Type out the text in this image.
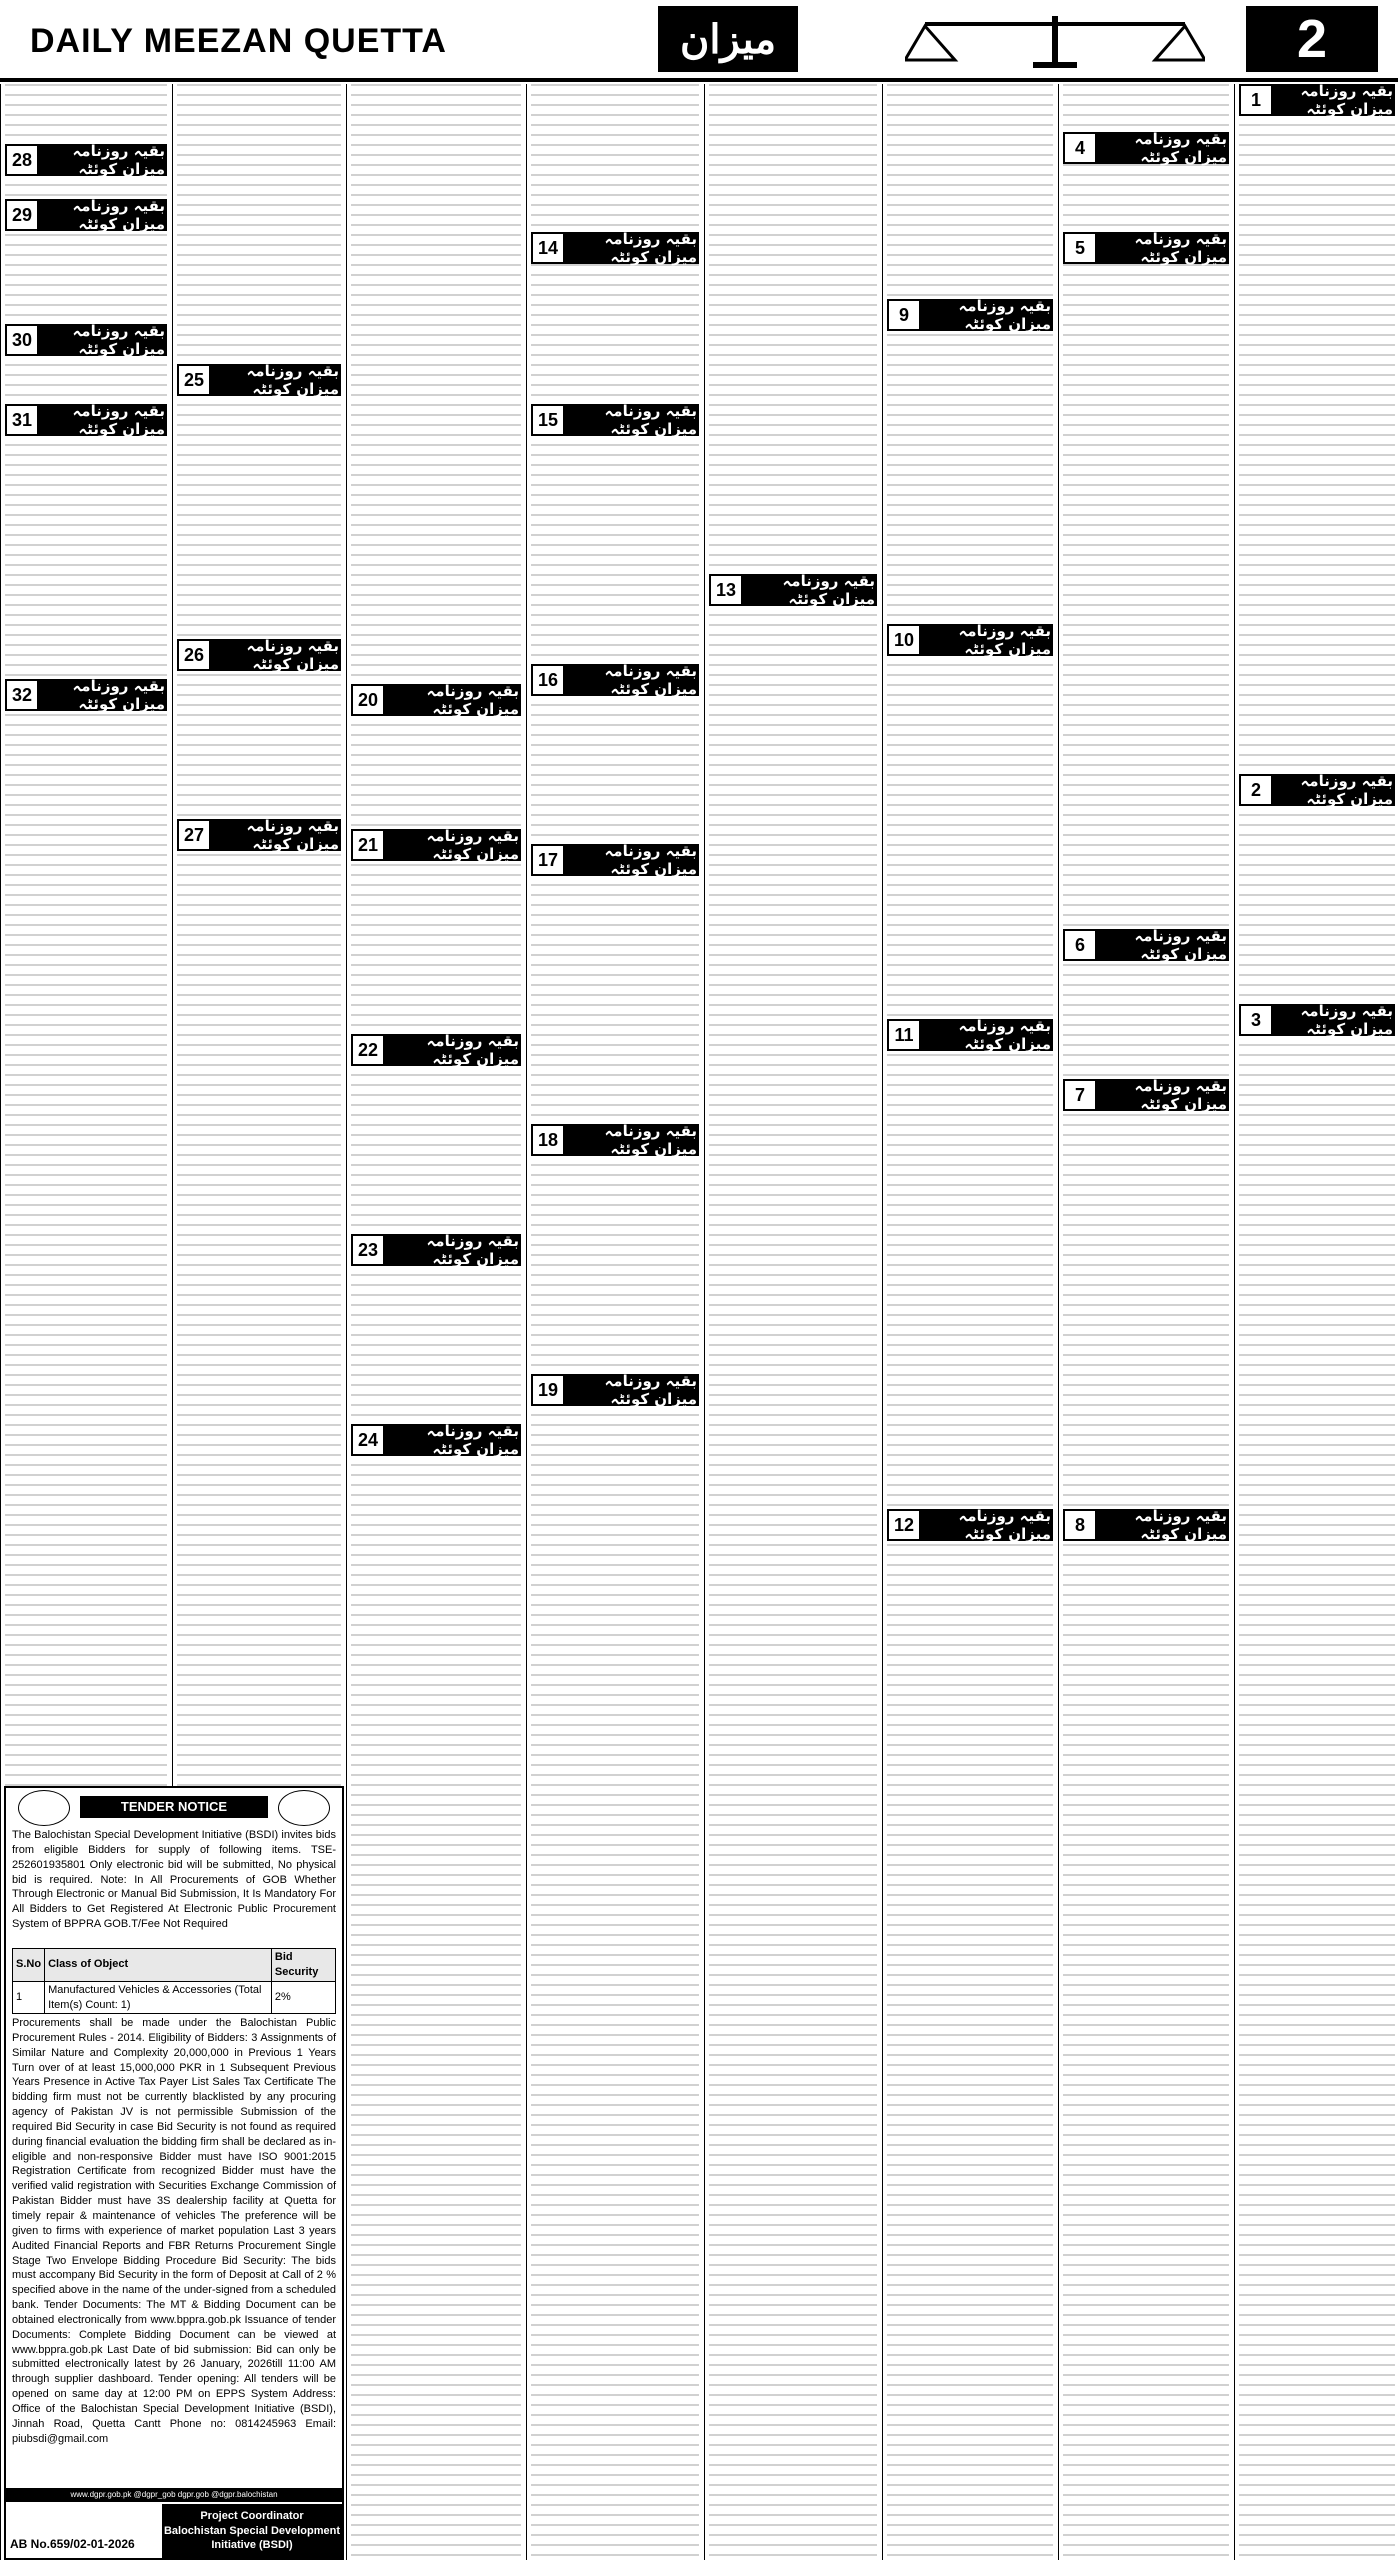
DAILY MEEZAN QUETTA	میزان	2
28	بقیہ روزنامہ میزان کوئٹہ
29	بقیہ روزنامہ میزان کوئٹہ
30	بقیہ روزنامہ میزان کوئٹہ
31	بقیہ روزنامہ میزان کوئٹہ
32	بقیہ روزنامہ میزان کوئٹہ
25	بقیہ روزنامہ میزان کوئٹہ
26	بقیہ روزنامہ میزان کوئٹہ
27	بقیہ روزنامہ میزان کوئٹہ
20	بقیہ روزنامہ میزان کوئٹہ
21	بقیہ روزنامہ میزان کوئٹہ
22	بقیہ روزنامہ میزان کوئٹہ
23	بقیہ روزنامہ میزان کوئٹہ
24	بقیہ روزنامہ میزان کوئٹہ
14	بقیہ روزنامہ میزان کوئٹہ
15	بقیہ روزنامہ میزان کوئٹہ
16	بقیہ روزنامہ میزان کوئٹہ
17	بقیہ روزنامہ میزان کوئٹہ
18	بقیہ روزنامہ میزان کوئٹہ
19	بقیہ روزنامہ میزان کوئٹہ
13	بقیہ روزنامہ میزان کوئٹہ
9	بقیہ روزنامہ میزان کوئٹہ
10	بقیہ روزنامہ میزان کوئٹہ
11	بقیہ روزنامہ میزان کوئٹہ
12	بقیہ روزنامہ میزان کوئٹہ
4	بقیہ روزنامہ میزان کوئٹہ
5	بقیہ روزنامہ میزان کوئٹہ
6	بقیہ روزنامہ میزان کوئٹہ
7	بقیہ روزنامہ میزان کوئٹہ
8	بقیہ روزنامہ میزان کوئٹہ
1	بقیہ روزنامہ میزان کوئٹہ
2	بقیہ روزنامہ میزان کوئٹہ
3	بقیہ روزنامہ میزان کوئٹہ
TENDER NOTICE
The Balochistan Special Development Initiative (BSDI) invites bids from eligible Bidders for supply of following items. TSE-252601935801 Only electronic bid will be submitted, No physical bid is required. Note: In All Procurements of GOB Whether Through Electronic or Manual Bid Submission, It Is Mandatory For All Bidders to Get Registered At Electronic Public Procurement System of BPPRA GOB.T/Fee Not Required
S.No	Class of Object	Bid Security
1	Manufactured Vehicles & Accessories (Total Item(s) Count: 1)	2%
Procurements shall be made under the Balochistan Public Procurement Rules - 2014. Eligibility of Bidders: 3 Assignments of Similar Nature and Complexity 20,000,000 in Previous 1 Years Turn over of at least 15,000,000 PKR in 1 Subsequent Previous Years Presence in Active Tax Payer List Sales Tax Certificate The bidding firm must not be currently blacklisted by any procuring agency of Pakistan JV is not permissible Submission of the required Bid Security in case Bid Security is not found as required during financial evaluation the bidding firm shall be declared as in-eligible and non-responsive Bidder must have ISO 9001:2015 Registration Certificate from recognized Bidder must have the verified valid registration with Securities Exchange Commission of Pakistan Bidder must have 3S dealership facility at Quetta for timely repair & maintenance of vehicles The preference will be given to firms with experience of market population Last 3 years Audited Financial Reports and FBR Returns Procurement Single Stage Two Envelope Bidding Procedure Bid Security: The bids must accompany Bid Security in the form of Deposit at Call of 2 % specified above in the name of the under-signed from a scheduled bank. Tender Documents: The MT & Bidding Document can be obtained electronically from www.bppra.gob.pk Issuance of tender Documents: Complete Bidding Document can be viewed at www.bppra.gob.pk Last Date of bid submission: Bid can only be submitted electronically latest by 26 January, 2026till 11:00 AM through supplier dashboard. Tender opening: All tenders will be opened on same day at 12:00 PM on EPPS System Address: Office of the Balochistan Special Development Initiative (BSDI), Jinnah Road, Quetta Cantt Phone no: 0814245963 Email: piubsdi@gmail.com
www.dgpr.gob.pk @dgpr_gob dgpr.gob @dgpr.balochistan
AB No.659/02-01-2026
Project Coordinator
Balochistan Special Development Initiative (BSDI)
